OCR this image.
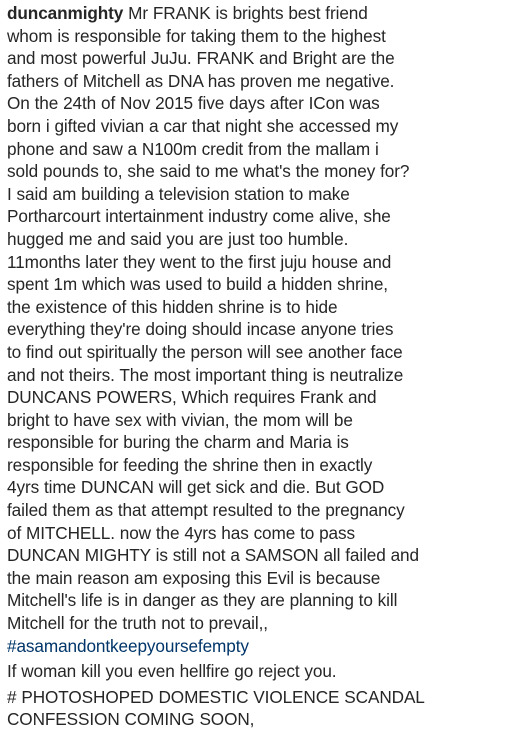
duncanmighty Mr FRANK is brights best friend
whom is responsible for taking them to the highest
and most powerful JuJu. FRANK and Bright are the
fathers of Mitchell as DNA has proven me negative.
On the 24th of Nov 2015 five days after ICon was
born i gifted vivian a car that night she accessed my
phone and saw a N100m credit from the mallam i
sold pounds to, she said to me what's the money for?
I said am building a television station to make
Portharcourt intertainment industry come alive, she
hugged me and said you are just too humble.
11months later they went to the first juju house and
spent 1m which was used to build a hidden shrine,
the existence of this hidden shrine is to hide
everything they're doing should incase anyone tries
to find out spiritually the person will see another face
and not theirs. The most important thing is neutralize
DUNCANS POWERS, Which requires Frank and
bright to have sex with vivian, the mom will be
responsible for buring the charm and Maria is
responsible for feeding the shrine then in exactly
4yrs time DUNCAN will get sick and die. But GOD
failed them as that attempt resulted to the pregnancy
of MITCHELL. now the 4yrs has come to pass
DUNCAN MIGHTY is still not a SAMSON all failed and
the main reason am exposing this Evil is because
Mitchell's life is in danger as they are planning to kill
Mitchell for the truth not to prevail,,
#asamandontkeepyoursefempty
If woman kill you even hellfire go reject you.
# PHOTOSHOPED DOMESTIC VIOLENCE SCANDAL
CONFESSION COMING SOON,
